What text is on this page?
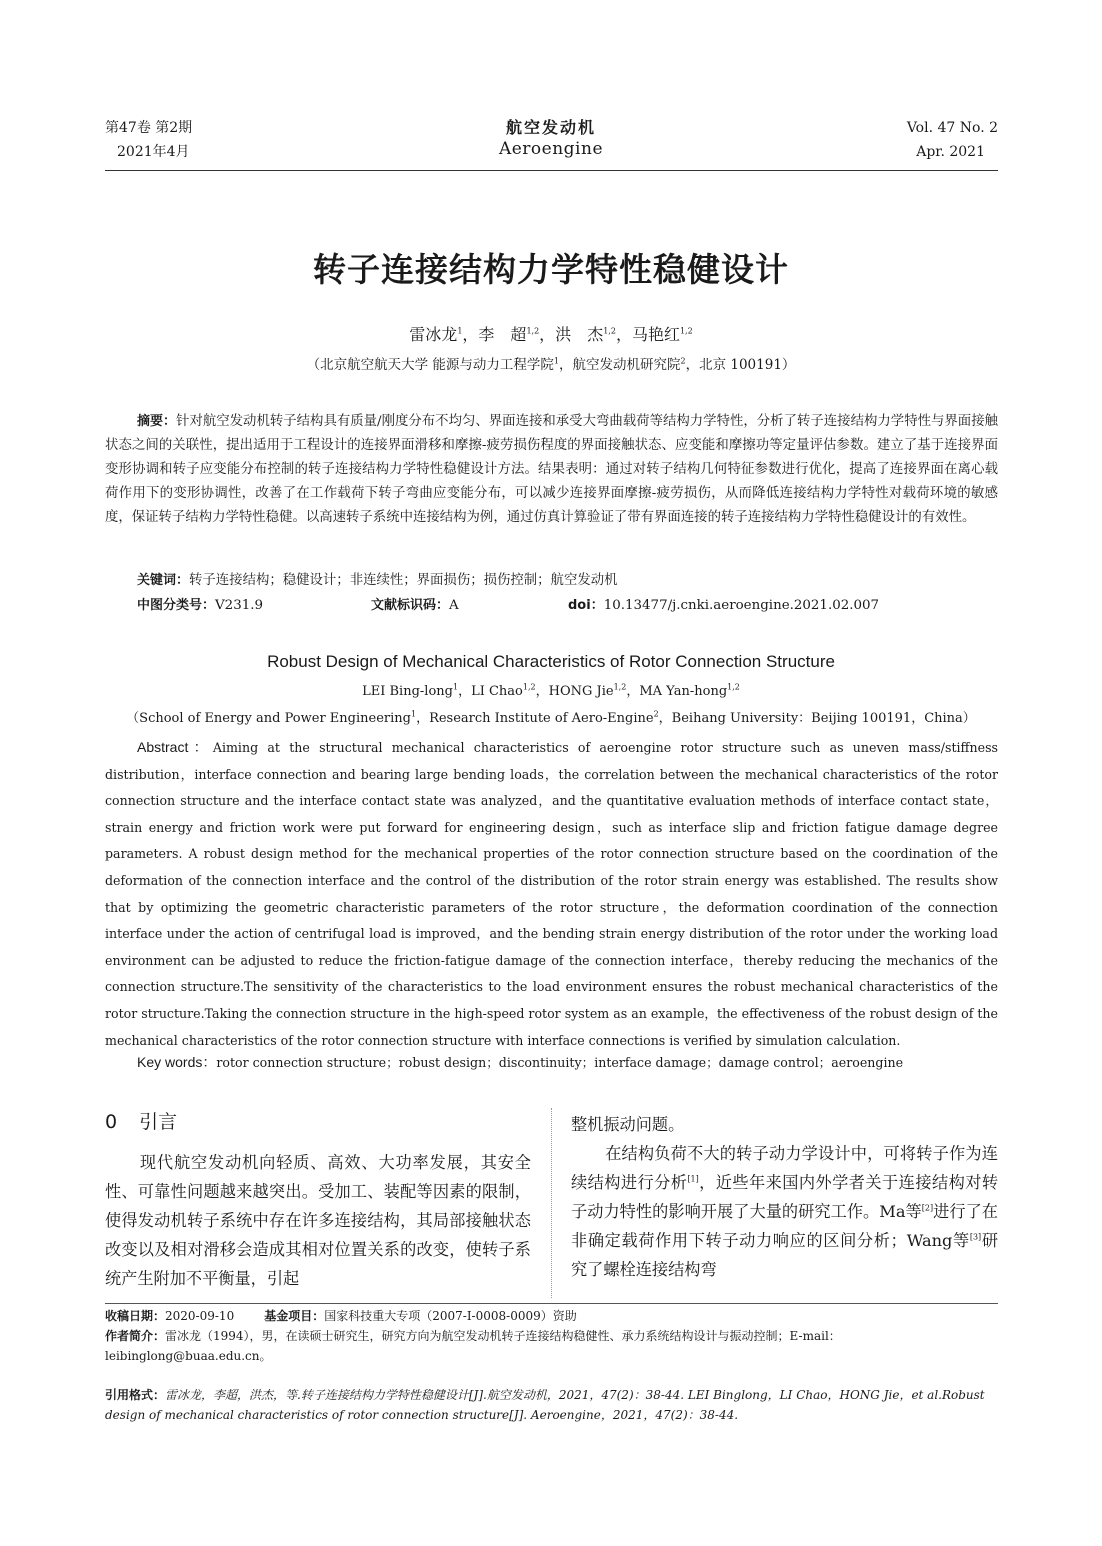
第47卷 第2期
2021年4月
航空发动机
Aeroengine
Vol. 47 No. 2
Apr. 2021
转子连接结构力学特性稳健设计
雷冰龙$^1$，李　超$^{1,2}$，洪　杰$^{1,2}$，马艳红$^{1,2}$
（北京航空航天大学 能源与动力工程学院$^1$，航空发动机研究院$^2$，北京 100191）
摘要：针对航空发动机转子结构具有质量/刚度分布不均匀、界面连接和承受大弯曲载荷等结构力学特性，分析了转子连接结构力学特性与界面接触状态之间的关联性，提出适用于工程设计的连接界面滑移和摩擦-疲劳损伤程度的界面接触状态、应变能和摩擦功等定量评估参数。建立了基于连接界面变形协调和转子应变能分布控制的转子连接结构力学特性稳健设计方法。结果表明：通过对转子结构几何特征参数进行优化，提高了连接界面在离心载荷作用下的变形协调性，改善了在工作载荷下转子弯曲应变能分布，可以减少连接界面摩擦-疲劳损伤，从而降低连接结构力学特性对载荷环境的敏感度，保证转子结构力学特性稳健。以高速转子系统中连接结构为例，通过仿真计算验证了带有界面连接的转子连接结构力学特性稳健设计的有效性。
关键词：转子连接结构；稳健设计；非连续性；界面损伤；损伤控制；航空发动机
中图分类号：V231.9	文献标识码：A	doi：10.13477/j.cnki.aeroengine.2021.02.007
Robust Design of Mechanical Characteristics of Rotor Connection Structure
LEI Bing-long$^1$，LI Chao$^{1,2}$，HONG Jie$^{1,2}$，MA Yan-hong$^{1,2}$
（School of Energy and Power Engineering$^1$，Research Institute of Aero-Engine$^2$，Beihang University：Beijing 100191，China）
Abstract：Aiming at the structural mechanical characteristics of aeroengine rotor structure such as uneven mass/stiffness distribution，interface connection and bearing large bending loads，the correlation between the mechanical characteristics of the rotor connection structure and the interface contact state was analyzed，and the quantitative evaluation methods of interface contact state，strain energy and friction work were put forward for engineering design，such as interface slip and friction fatigue damage degree parameters. A robust design method for the mechanical properties of the rotor connection structure based on the coordination of the deformation of the connection interface and the control of the distribution of the rotor strain energy was established. The results show that by optimizing the geometric characteristic parameters of the rotor structure，the deformation coordination of the connection interface under the action of centrifugal load is improved，and the bending strain energy distribution of the rotor under the working load environment can be adjusted to reduce the friction-fatigue damage of the connection interface，thereby reducing the mechanics of the connection structure.The sensitivity of the characteristics to the load environment ensures the robust mechanical characteristics of the rotor structure.Taking the connection structure in the high-speed rotor system as an example，the effectiveness of the robust design of the mechanical characteristics of the rotor connection structure with interface connections is verified by simulation calculation.
Key words：rotor connection structure；robust design；discontinuity；interface damage；damage control；aeroengine
0 引言
现代航空发动机向轻质、高效、大功率发展，其安全性、可靠性问题越来越突出。受加工、装配等因素的限制，使得发动机转子系统中存在许多连接结构，其局部接触状态改变以及相对滑移会造成其相对位置关系的改变，使转子系统产生附加不平衡量，引起
整机振动问题。
在结构负荷不大的转子动力学设计中，可将转子作为连续结构进行分析[1]，近些年来国内外学者关于连接结构对转子动力特性的影响开展了大量的研究工作。Ma等[2]进行了在非确定载荷作用下转子动力响应的区间分析；Wang等[3]研究了螺栓连接结构弯
收稿日期：2020-09-10	基金项目：国家科技重大专项（2007-Ⅰ-0008-0009）资助
作者简介：雷冰龙（1994），男，在读硕士研究生，研究方向为航空发动机转子连接结构稳健性、承力系统结构设计与振动控制；E-mail：leibinglong@buaa.edu.cn。
引用格式：雷冰龙，李超，洪杰，等.转子连接结构力学特性稳健设计[J].航空发动机，2021，47(2)：38-44. LEI Binglong，LI Chao，HONG Jie，et al.Robust design of mechanical characteristics of rotor connection structure[J]. Aeroengine，2021，47(2)：38-44.
